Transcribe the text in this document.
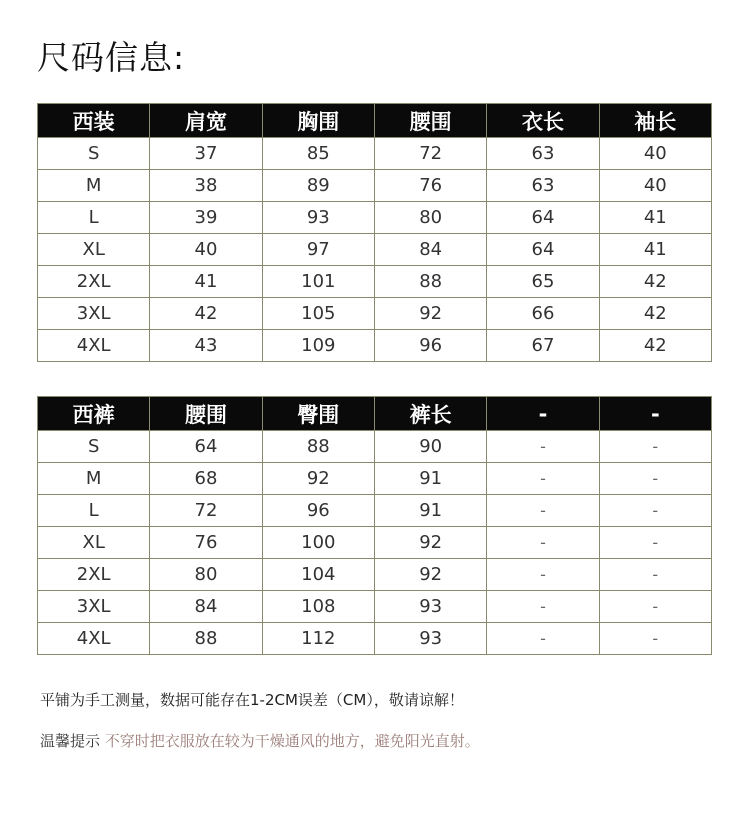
尺码信息:
西装	肩宽	胸围	腰围	衣长	袖长
S	37	85	72	63	40
M	38	89	76	63	40
L	39	93	80	64	41
XL	40	97	84	64	41
2XL	41	101	88	65	42
3XL	42	105	92	66	42
4XL	43	109	96	67	42
西裤	腰围	臀围	裤长	-	-
S	64	88	90	-	-
M	68	92	91	-	-
L	72	96	91	-	-
XL	76	100	92	-	-
2XL	80	104	92	-	-
3XL	84	108	93	-	-
4XL	88	112	93	-	-
平铺为手工测量，数据可能存在1-2CM误差（CM），敬请谅解！
温馨提示 不穿时把衣服放在较为干燥通风的地方，避免阳光直射。
